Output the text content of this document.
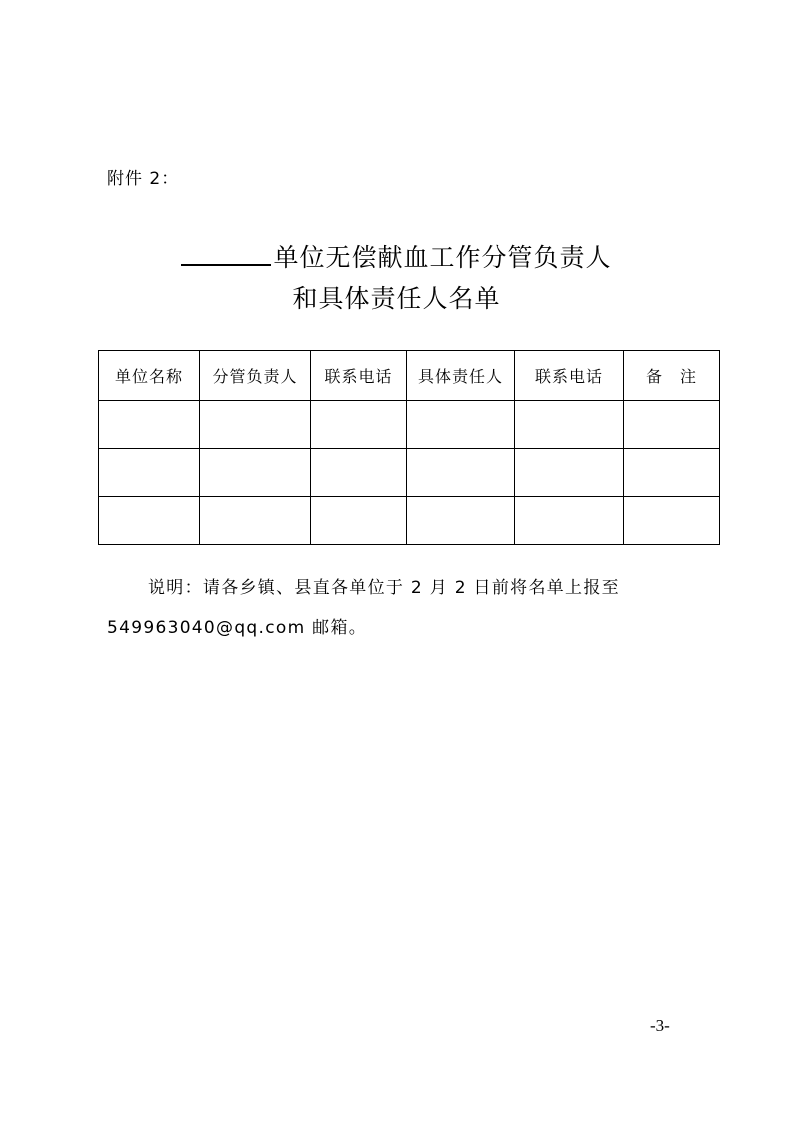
附件 2：
单位无偿献血工作分管负责人
和具体责任人名单
单位名称	分管负责人	联系电话	具体责任人	联系电话	备　注

说明：请各乡镇、县直各单位于 2 月 2 日前将名单上报至
549963040@qq.com 邮箱。
-3-
